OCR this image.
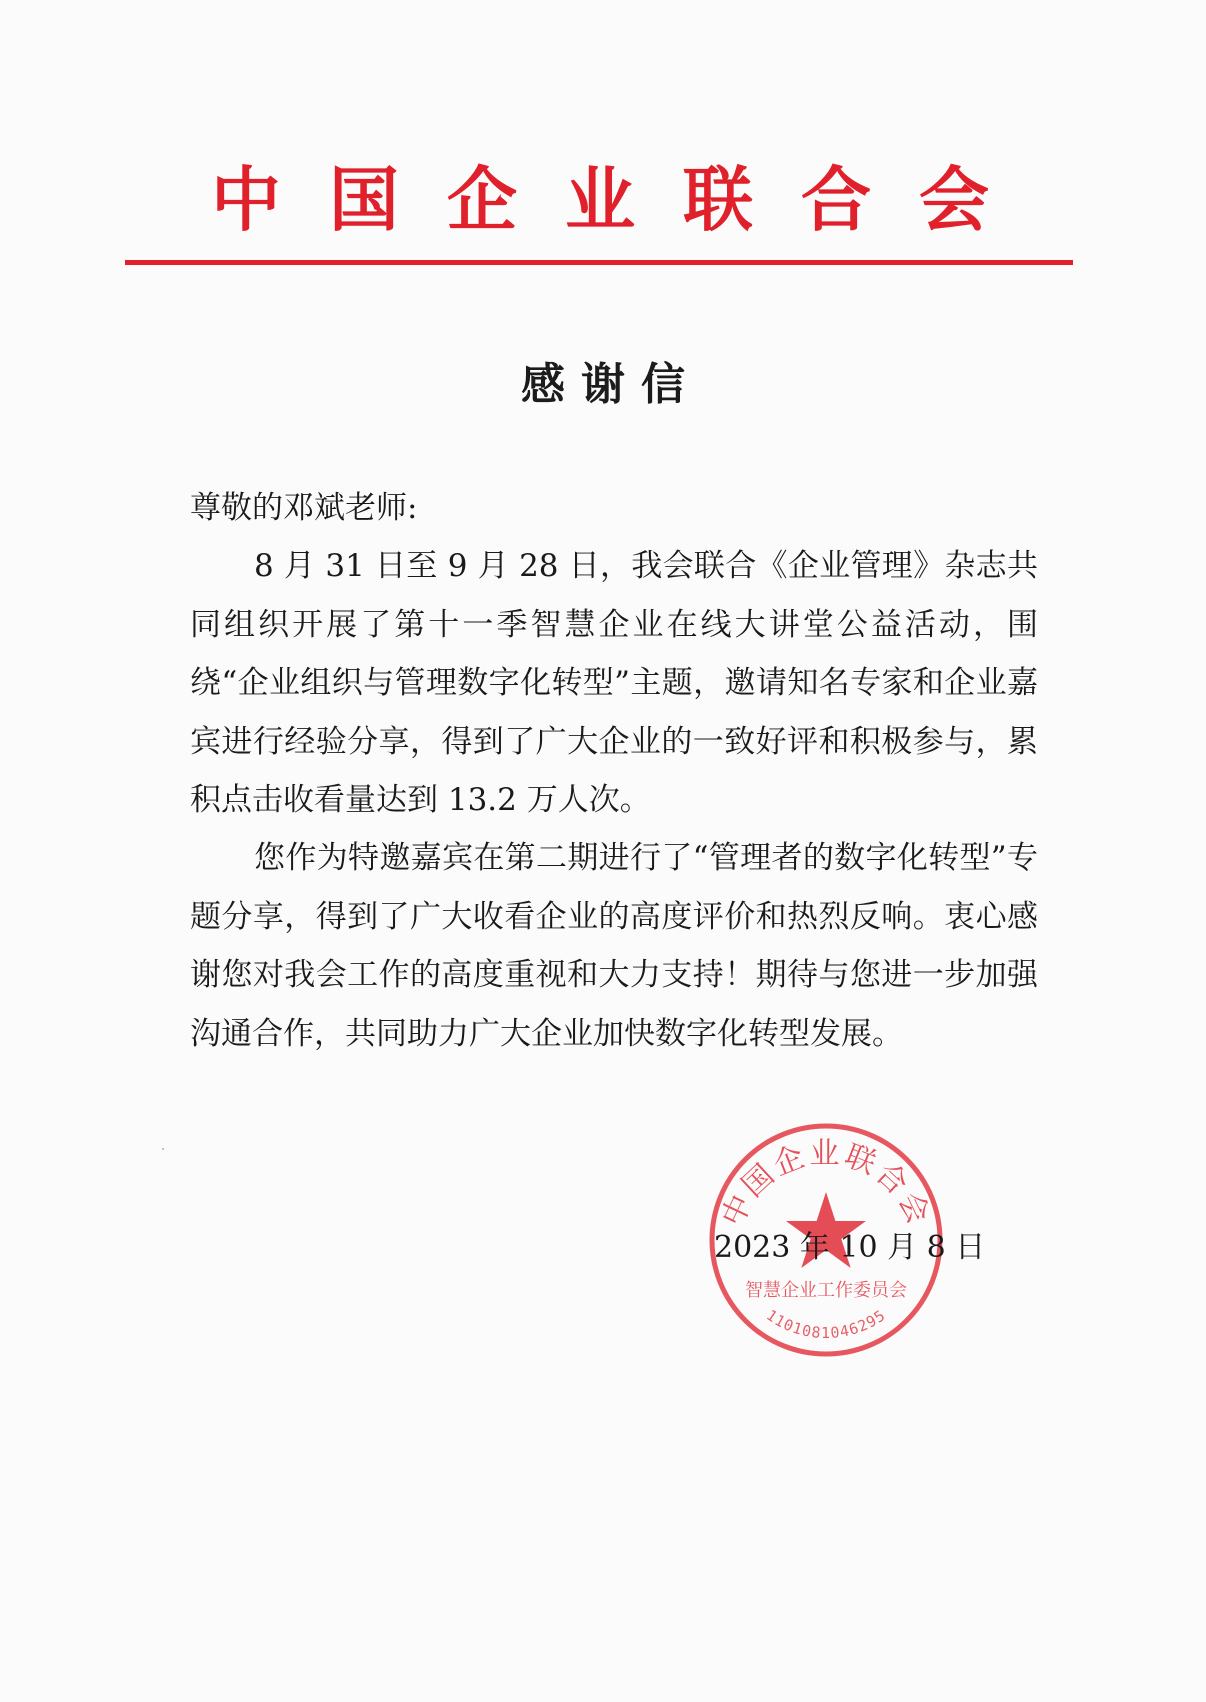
中国企业联合会
感谢信
尊敬的邓斌老师:
8 月 31 日至 9 月 28 日，我会联合《企业管理》杂志共同组织开展了第十一季智慧企业在线大讲堂公益活动，围绕“企业组织与管理数字化转型”主题，邀请知名专家和企业嘉宾进行经验分享，得到了广大企业的一致好评和积极参与，累积点击收看量达到 13.2 万人次。
您作为特邀嘉宾在第二期进行了“管理者的数字化转型”专题分享，得到了广大收看企业的高度评价和热烈反响。衷心感谢您对我会工作的高度重视和大力支持！期待与您进一步加强沟通合作，共同助力广大企业加快数字化转型发展。
中国企业联合会
智慧企业工作委员会
1101081046295
2023 年 10 月 8 日
